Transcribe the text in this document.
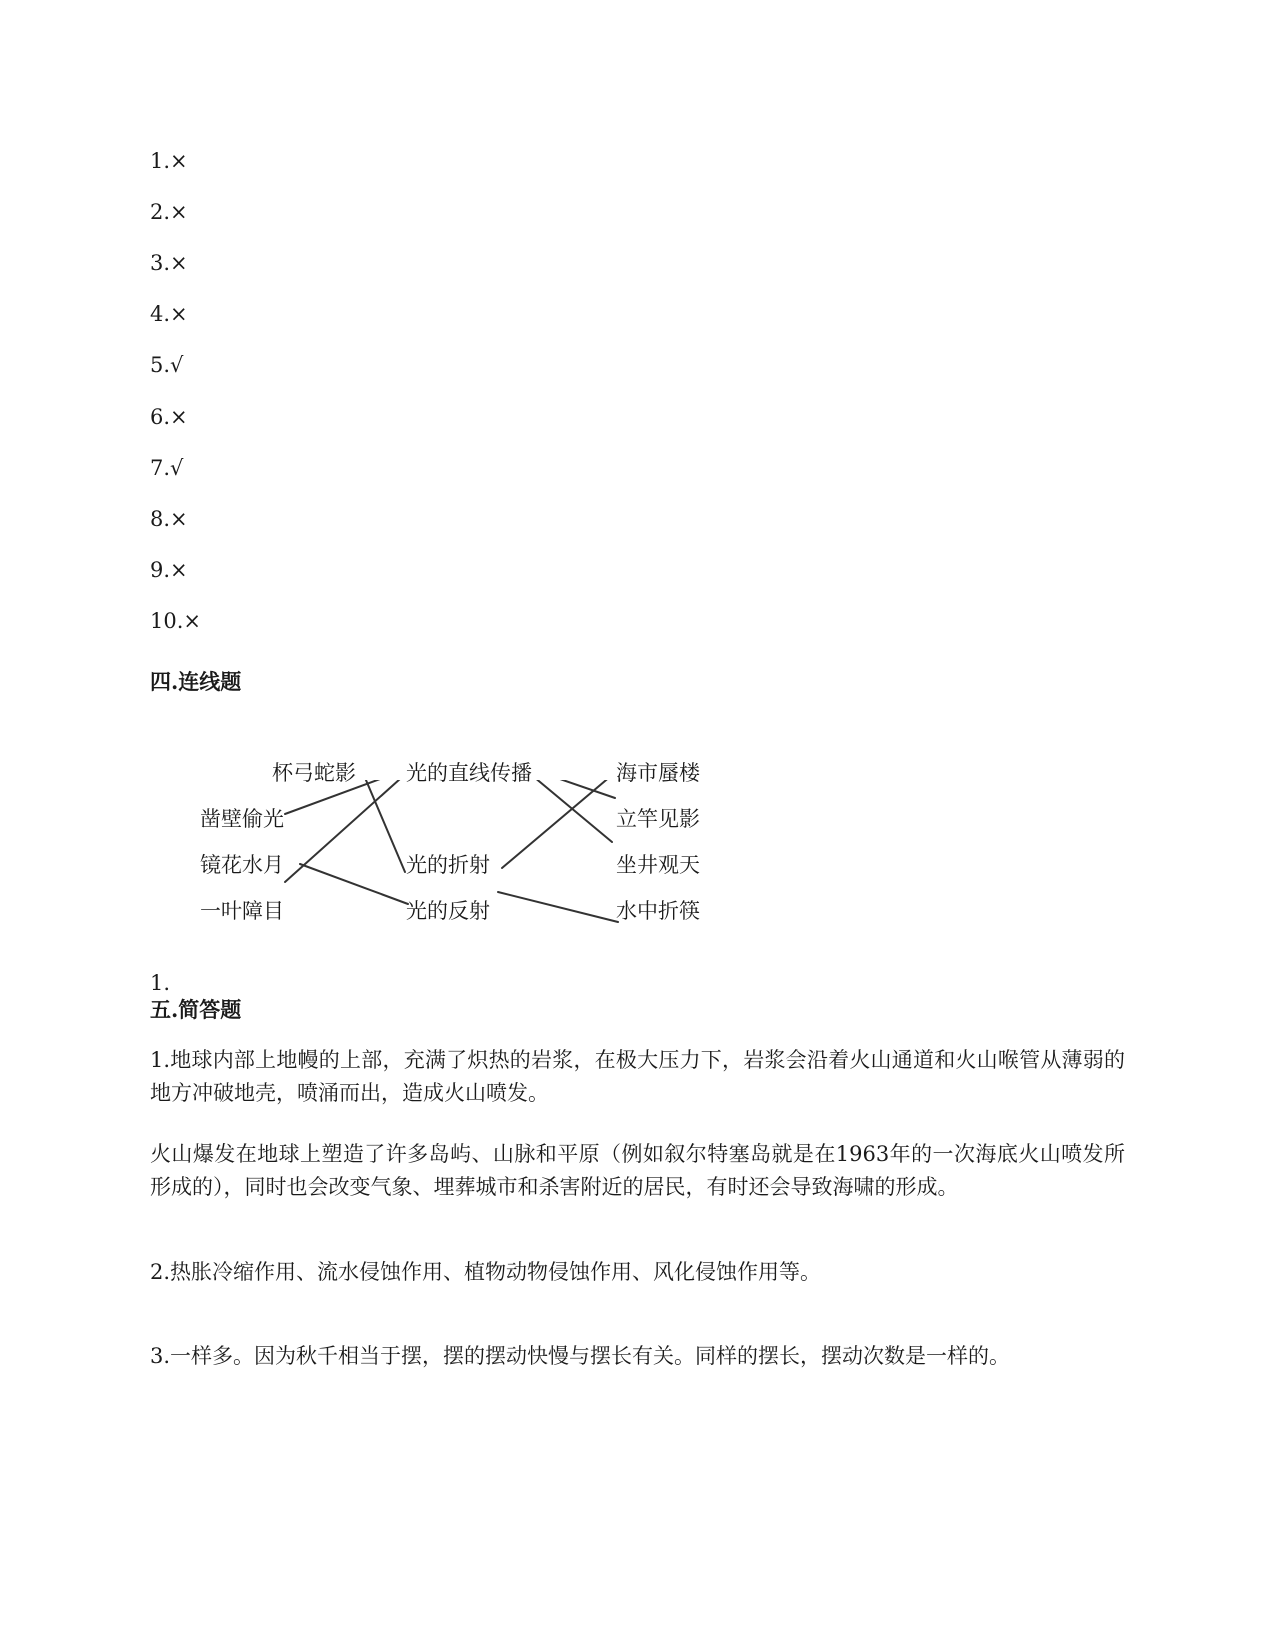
1.×
2.×
3.×
4.×
5.√
6.×
7.√
8.×
9.×
10.×
四.连线题
杯弓蛇影
凿壁偷光
镜花水月
一叶障目
光的直线传播
光的折射
光的反射
海市蜃楼
立竿见影
坐井观天
水中折筷
1.
五.简答题

1.地球内部上地幔的上部，充满了炽热的岩浆，在极大压力下，岩浆会沿着火山通道和火山喉管从薄弱的地方冲破地壳，喷涌而出，造成火山喷发。

火山爆发在地球上塑造了许多岛屿、山脉和平原（例如叙尔特塞岛就是在1963年的一次海底火山喷发所形成的），同时也会改变气象、埋葬城市和杀害附近的居民，有时还会导致海啸的形成。

2.热胀冷缩作用、流水侵蚀作用、植物动物侵蚀作用、风化侵蚀作用等。

3.一样多。因为秋千相当于摆，摆的摆动快慢与摆长有关。同样的摆长，摆动次数是一样的。
